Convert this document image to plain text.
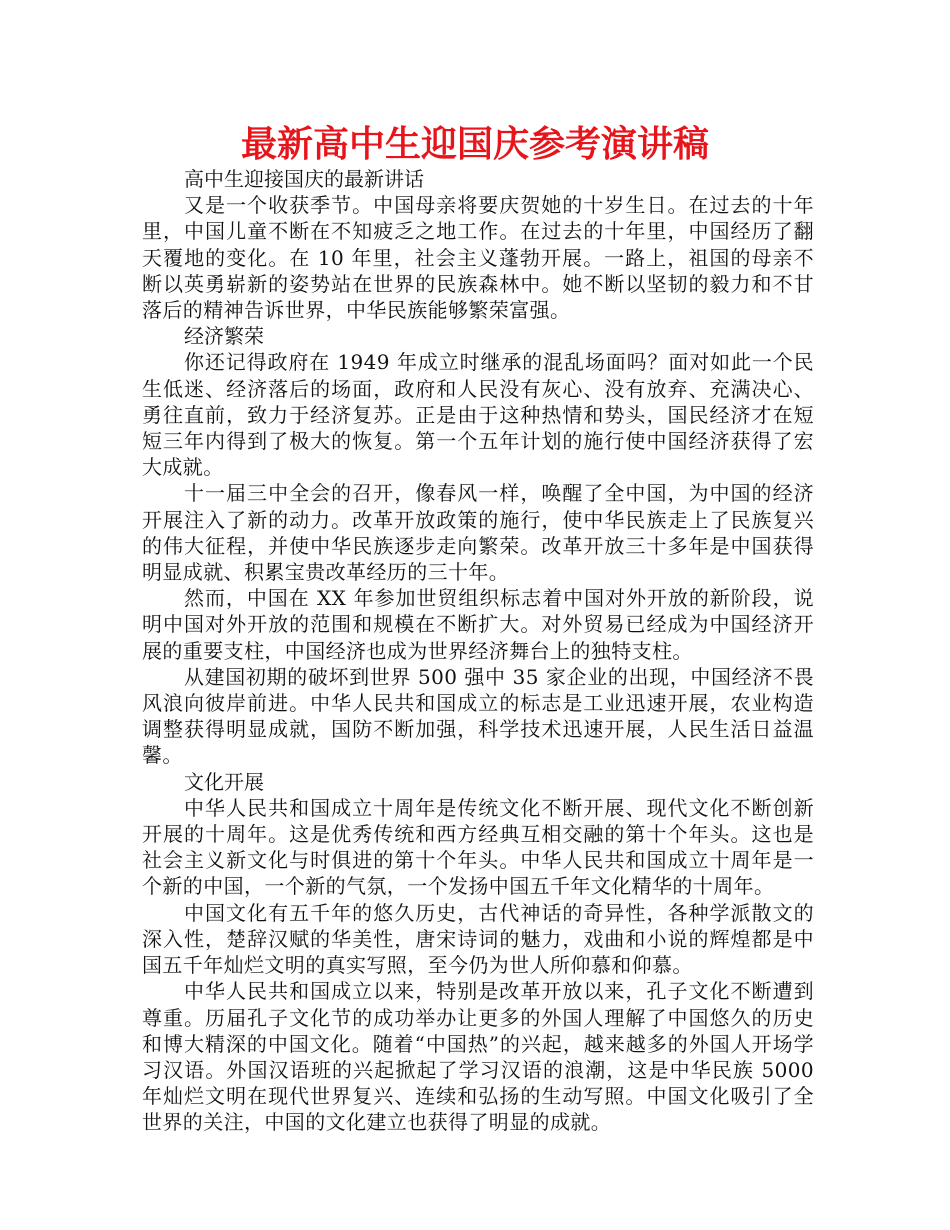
最新高中生迎国庆参考演讲稿

高中生迎接国庆的最新讲话

又是一个收获季节。中国母亲将要庆贺她的十岁生日。在过去的十年里，中国儿童不断在不知疲乏之地工作。在过去的十年里，中国经历了翻天覆地的变化。在 10 年里，社会主义蓬勃开展。一路上，祖国的母亲不断以英勇崭新的姿势站在世界的民族森林中。她不断以坚韧的毅力和不甘落后的精神告诉世界，中华民族能够繁荣富强。

经济繁荣

你还记得政府在 1949 年成立时继承的混乱场面吗？面对如此一个民生低迷、经济落后的场面，政府和人民没有灰心、没有放弃、充满决心、勇往直前，致力于经济复苏。正是由于这种热情和势头，国民经济才在短短三年内得到了极大的恢复。第一个五年计划的施行使中国经济获得了宏大成就。

十一届三中全会的召开，像春风一样，唤醒了全中国，为中国的经济开展注入了新的动力。改革开放政策的施行，使中华民族走上了民族复兴的伟大征程，并使中华民族逐步走向繁荣。改革开放三十多年是中国获得明显成就、积累宝贵改革经历的三十年。

然而，中国在 XX 年参加世贸组织标志着中国对外开放的新阶段，说明中国对外开放的范围和规模在不断扩大。对外贸易已经成为中国经济开展的重要支柱，中国经济也成为世界经济舞台上的独特支柱。

从建国初期的破坏到世界 500 强中 35 家企业的出现，中国经济不畏风浪向彼岸前进。中华人民共和国成立的标志是工业迅速开展，农业构造调整获得明显成就，国防不断加强，科学技术迅速开展，人民生活日益温馨。

文化开展

中华人民共和国成立十周年是传统文化不断开展、现代文化不断创新开展的十周年。这是优秀传统和西方经典互相交融的第十个年头。这也是社会主义新文化与时俱进的第十个年头。中华人民共和国成立十周年是一个新的中国，一个新的气氛，一个发扬中国五千年文化精华的十周年。

中国文化有五千年的悠久历史，古代神话的奇异性，各种学派散文的深入性，楚辞汉赋的华美性，唐宋诗词的魅力，戏曲和小说的辉煌都是中国五千年灿烂文明的真实写照，至今仍为世人所仰慕和仰慕。

中华人民共和国成立以来，特别是改革开放以来，孔子文化不断遭到尊重。历届孔子文化节的成功举办让更多的外国人理解了中国悠久的历史和博大精深的中国文化。随着“中国热”的兴起，越来越多的外国人开场学习汉语。外国汉语班的兴起掀起了学习汉语的浪潮，这是中华民族 5000 年灿烂文明在现代世界复兴、连续和弘扬的生动写照。中国文化吸引了全世界的关注，中国的文化建立也获得了明显的成就。
